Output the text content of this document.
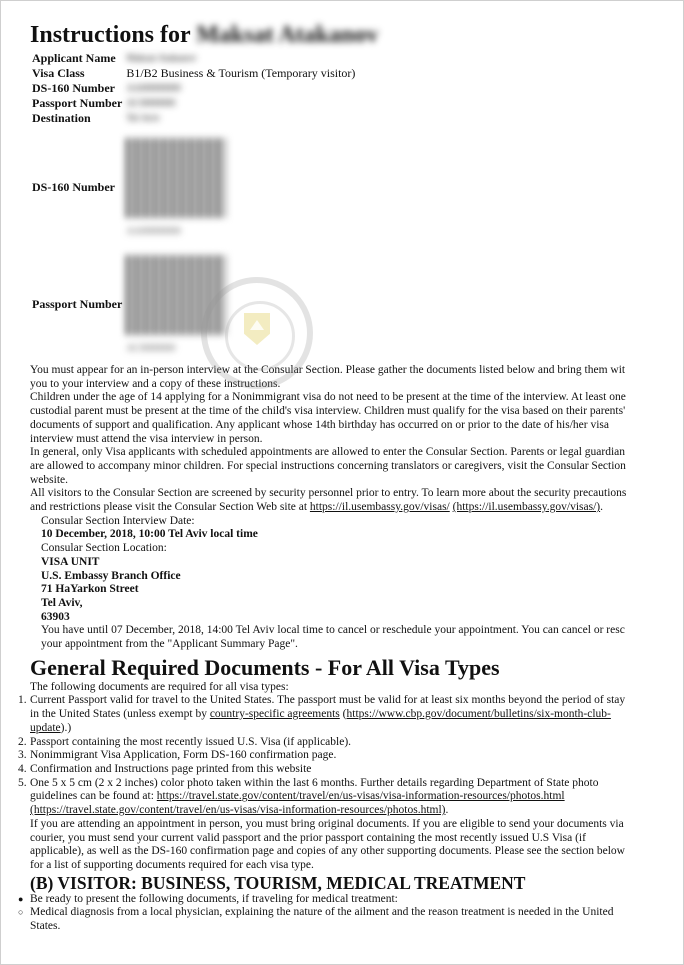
Instructions for Maksat Atakanov
Applicant Name	Maksat Atakanov
Visa Class	B1/B2 Business & Tourism (Temporary visitor)
DS-160 Number	AA00000000
Passport Number	AC0000000
Destination	Tel Aviv
DS-160 Number	AA00000000

Passport Number	AC0000000

You must appear for an in-person interview at the Consular Section. Please gather the documents listed below and bring them wit
you to your interview and a copy of these instructions.

Children under the age of 14 applying for a Nonimmigrant visa do not need to be present at the time of the interview. At least one
custodial parent must be present at the time of the child's visa interview. Children must qualify for the visa based on their parents'
documents of support and qualification. Any applicant whose 14th birthday has occurred on or prior to the date of his/her visa
interview must attend the visa interview in person.

In general, only Visa applicants with scheduled appointments are allowed to enter the Consular Section. Parents or legal guardian
are allowed to accompany minor children. For special instructions concerning translators or caregivers, visit the Consular Section
website.

All visitors to the Consular Section are screened by security personnel prior to entry. To learn more about the security precautions
and restrictions please visit the Consular Section Web site at https://il.usembassy.gov/visas/ (https://il.usembassy.gov/visas/).

Consular Section Interview Date:

10 December, 2018, 10:00 Tel Aviv local time

Consular Section Location:

VISA UNIT

U.S. Embassy Branch Office

71 HaYarkon Street

Tel Aviv,

63903

You have until 07 December, 2018, 14:00 Tel Aviv local time to cancel or reschedule your appointment. You can cancel or resc
your appointment from the "Applicant Summary Page".

General Required Documents - For All Visa Types

The following documents are required for all visa types:

1. Current Passport valid for travel to the United States. The passport must be valid for at least six months beyond the period of stay
in the United States (unless exempt by country-specific agreements (https://www.cbp.gov/document/bulletins/six-month-club-
update).)
2. Passport containing the most recently issued U.S. Visa (if applicable).
3. Nonimmigrant Visa Application, Form DS-160 confirmation page.
4. Confirmation and Instructions page printed from this website
5. One 5 x 5 cm (2 x 2 inches) color photo taken within the last 6 months. Further details regarding Department of State photo
guidelines can be found at: https://travel.state.gov/content/travel/en/us-visas/visa-information-resources/photos.html
(https://travel.state.gov/content/travel/en/us-visas/visa-information-resources/photos.html).

If you are attending an appointment in person, you must bring original documents. If you are eligible to send your documents via
courier, you must send your current valid passport and the prior passport containing the most recently issued U.S Visa (if
applicable), as well as the DS-160 confirmation page and copies of any other supporting documents. Please see the section below
for a list of supporting documents required for each visa type.

(B) VISITOR: BUSINESS, TOURISM, MEDICAL TREATMENT
● Be ready to present the following documents, if traveling for medical treatment:
○ Medical diagnosis from a local physician, explaining the nature of the ailment and the reason treatment is needed in the United
States.
